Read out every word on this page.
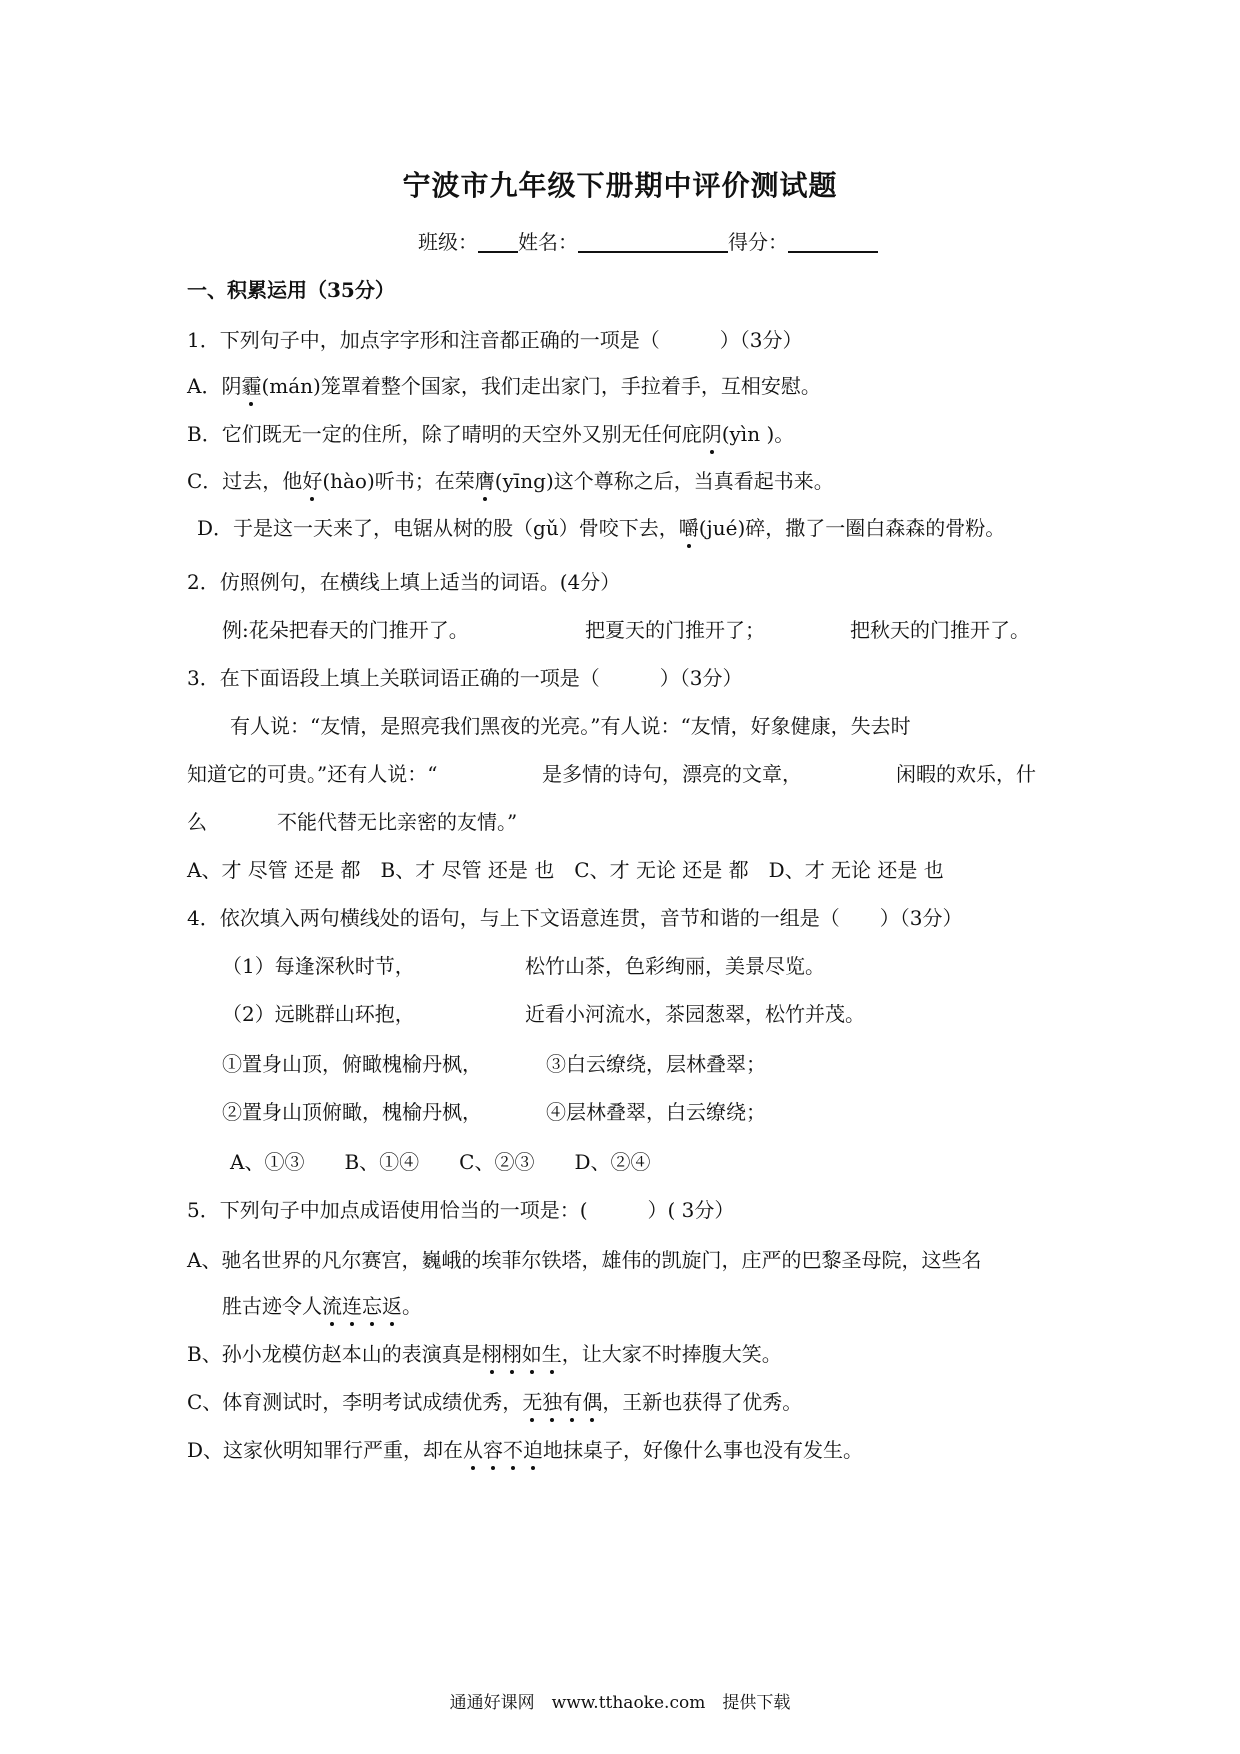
宁波市九年级下册期中评价测试题
班级： 姓名：	得分：
一、积累运用（35分）
1．下列句子中，加点字字形和注音都正确的一项是（　　　）（3分）
A．阴霾(mán)笼罩着整个国家，我们走出家门，手拉着手，互相安慰。
B．它们既无一定的住所，除了晴明的天空外又别无任何庇阴(yìn )。
C．过去，他好(hào)听书；在荣膺(yīng)这个尊称之后，当真看起书来。
D．于是这一天来了，电锯从树的股（gǔ）骨咬下去，嚼(jué)碎，撒了一圈白森森的骨粉。
2．仿照例句，在横线上填上适当的词语。(4分）
例:花朵把春天的门推开了。	把夏天的门推开了；	把秋天的门推开了。
3．在下面语段上填上关联词语正确的一项是（　　　）（3分）
有人说：“友情，是照亮我们黑夜的光亮。”有人说：“友情，好象健康，失去时
知道它的可贵。”还有人说：“	是多情的诗句，漂亮的文章，	闲暇的欢乐，什
么	不能代替无比亲密的友情。”
A、才 尽管 还是 都　B、才 尽管 还是 也　C、才 无论 还是 都　D、才 无论 还是 也
4．依次填入两句横线处的语句，与上下文语意连贯，音节和谐的一组是（　　）（3分）
（1）每逢深秋时节，	松竹山茶，色彩绚丽，美景尽览。
（2）远眺群山环抱，	近看小河流水，茶园葱翠，松竹并茂。
①置身山顶，俯瞰槐榆丹枫，	③白云缭绕，层林叠翠；
②置身山顶俯瞰，槐榆丹枫，	④层林叠翠，白云缭绕；
A、①③　　B、①④　　C、②③　　D、②④
5．下列句子中加点成语使用恰当的一项是：(　　　）( 3分）
A、驰名世界的凡尔赛宫，巍峨的埃菲尔铁塔，雄伟的凯旋门，庄严的巴黎圣母院，这些名
胜古迹令人流连忘返。
B、孙小龙模仿赵本山的表演真是栩栩如生，让大家不时捧腹大笑。
C、体育测试时，李明考试成绩优秀，无独有偶，王新也获得了优秀。
D、这家伙明知罪行严重，却在从容不迫地抹桌子，好像什么事也没有发生。
通通好课网　www.tthaoke.com　提供下载
